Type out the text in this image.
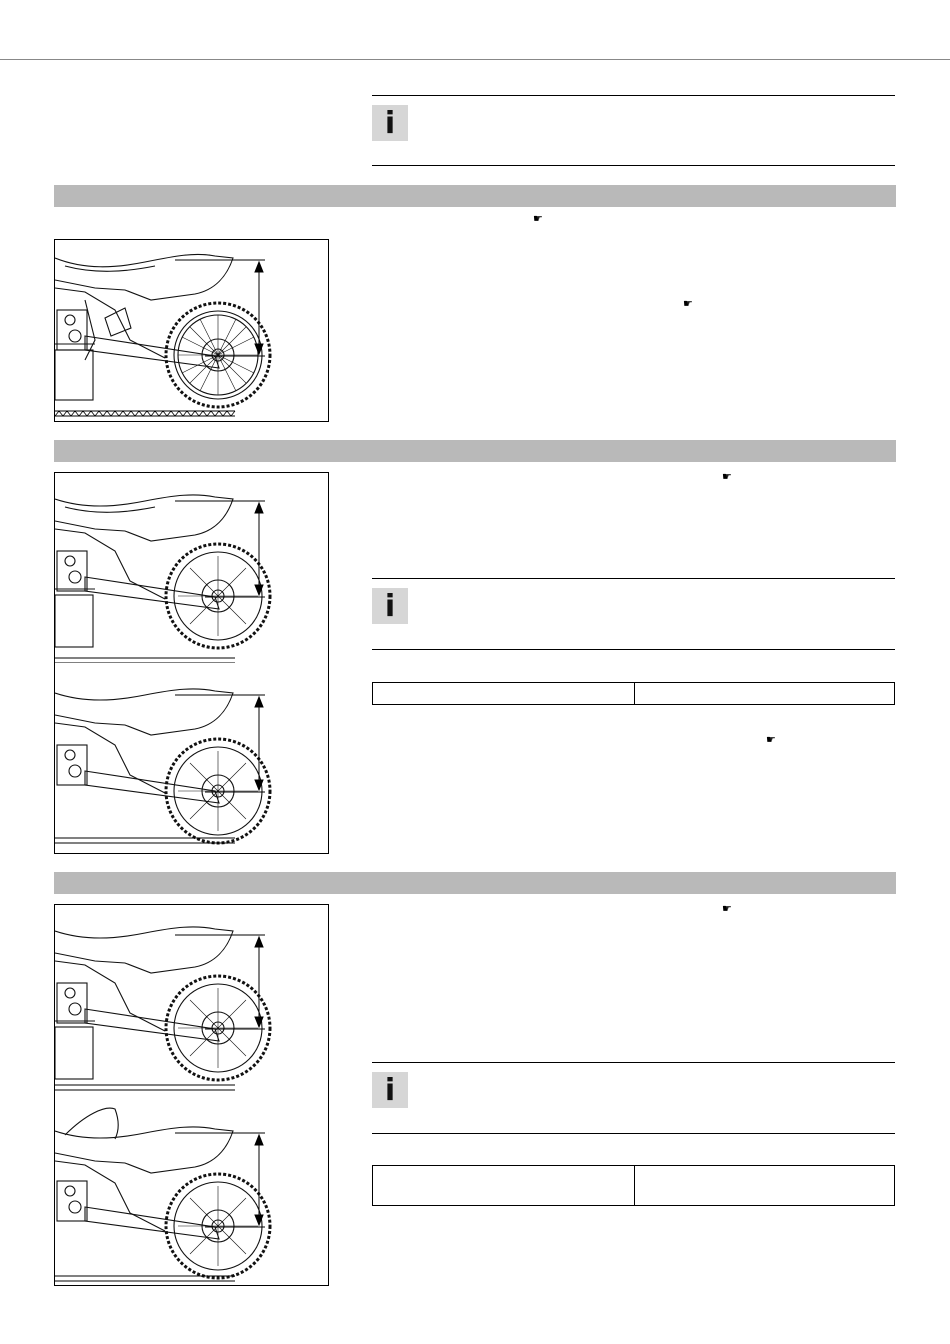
i
☛
☛
☛
i
☛
☛
i
